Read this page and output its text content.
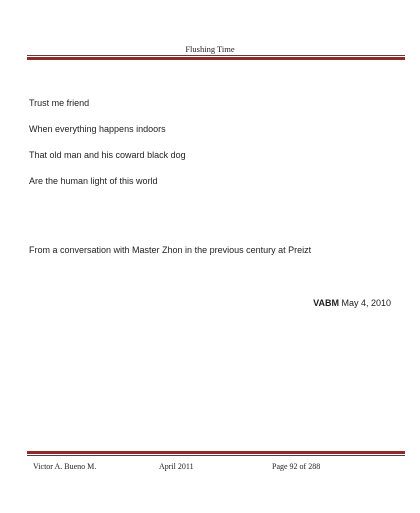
Flushing Time
Trust me friend
When everything happens indoors
That old man and his coward black dog
Are the human light of this world
From a conversation with Master Zhon in the previous century at Preizt
VABM May 4, 2010
Victor A. Bueno M.	April 2011	Page 92 of 288
